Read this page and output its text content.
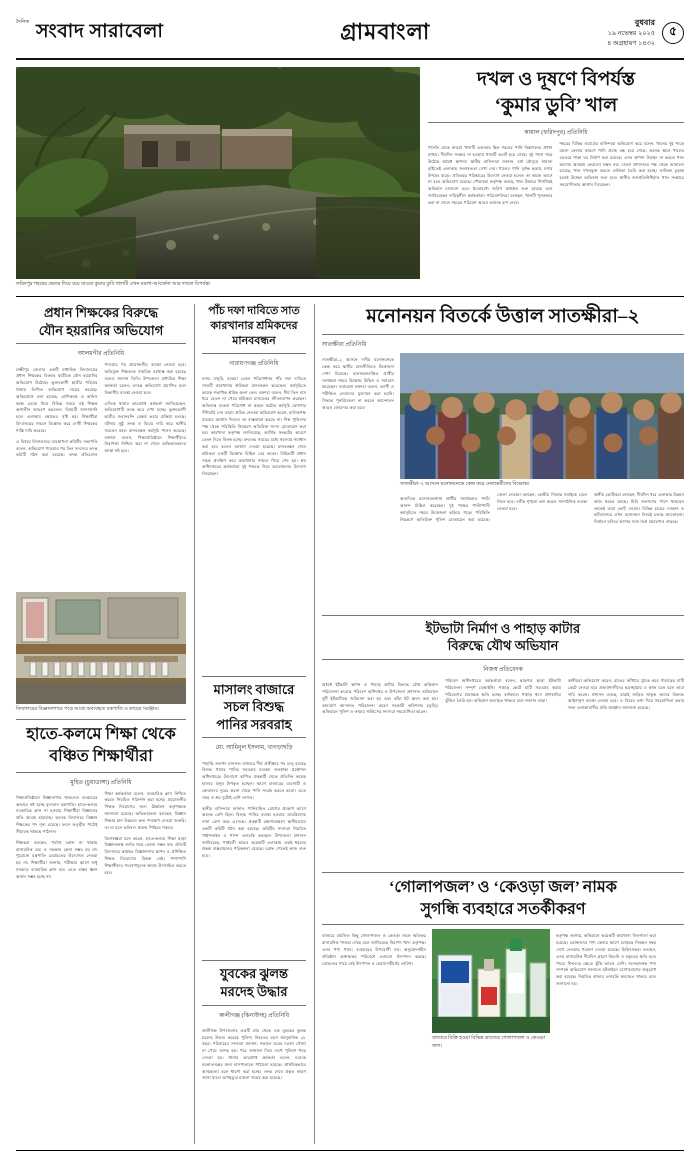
দৈনিক সংবাদ সারাবেলা	গ্রামবাংলা	বুধবার
১৯ নভেম্বর ২০২৫
৪ অগ্রহায়ণ ১৪৩২
৫
ফরিদপুর শহরের ভেতর দিয়ে বয়ে যাওয়া কুমার ডুবি খালটি এখন ময়লা-আবর্জনা আর দখলে বিপর্যস্ত।
দখল ও দূষণে বিপর্যস্ত
‘কুমার ডুবি’ খাল
কামাল (ফরিদপুর) প্রতিনিধি

খাসতি ঢেকে যাওয়া খালটি একসময় ছিল শহরের পানি নিষ্কাশনের প্রধান মাধ্যম। দীর্ঘদিন সংস্কার না হওয়ায় খালটি ভরাট হয়ে গেছে। দুই পাশে গড়ে উঠেছে অবৈধ স্থাপনা। স্থানীয় বাসিন্দারা জানান, বর্ষা মৌসুমে সামান্য বৃষ্টিতেই এলাকায় জলাবদ্ধতা দেখা দেয়। খালের পানি দুর্গন্ধ ছড়ায়, মশার উপদ্রব বাড়ে। প্রতিবছর পরিষ্কারের উদ্যোগ নেওয়া হলেও তা কাজে আসে না বলে অভিযোগ রয়েছে। পৌরসভা কর্তৃপক্ষ বলছে, খাল উদ্ধারে শিগগিরই অভিযান চালানো হবে। ইতোমধ্যে জরিপ কার্যক্রম শুরু হয়েছে বলে জানিয়েছেন দায়িত্বশীল কর্মকর্তারা। পরিবেশবিদরা বলছেন, খালটি পুনরুদ্ধার করা না গেলে শহরের পরিবেশ আরও ভয়াবহ রূপ নেবে।

শহরের বিভিন্ন ওয়ার্ডের বাসিন্দারা অভিযোগ করে বলেন, খালের দুই পাড়ে ময়লা ফেলার কারণে পানি প্রবাহ বন্ধ হয়ে গেছে। অনেক স্থানে খালের ভেতরে পাকা ঘর নির্মাণ করা হয়েছে। এসব স্থাপনা উচ্ছেদ না করলে খাল আগের অবস্থায় ফেরানো সম্ভব নয়। জেলা প্রশাসনের পক্ষ থেকে জানানো হয়েছে, খাল দখলমুক্ত করতে তালিকা তৈরি করা হচ্ছে। তালিকা চূড়ান্ত হলেই উচ্ছেদ অভিযান শুরু হবে। স্থানীয় জনপ্রতিনিধিরাও খাল সংস্কারে সহযোগিতার আশ্বাস দিয়েছেন।

প্রধান শিক্ষকের বিরুদ্ধে
যৌন হয়রানির অভিযোগ
আলমগীর প্রতিনিধি

লক্ষ্মীপুর জেলার একটি মাধ্যমিক বিদ্যালয়ের প্রধান শিক্ষকের বিরুদ্ধে ছাত্রীকে যৌন হয়রানির অভিযোগ উঠেছে। ভুক্তভোগী ছাত্রীর পরিবার থানায় লিখিত অভিযোগ দায়ের করেছে। অভিযোগে বলা হয়েছে, শ্রেণিকক্ষে ও অফিস কক্ষে ডেকে নিয়ে বিভিন্ন সময়ে ওই শিক্ষক অশালীন আচরণ করতেন। বিষয়টি জানাজানি হলে এলাকায় ক্ষোভের সৃষ্টি হয়। শিক্ষার্থীরা বিদ্যালয়ের সামনে বিক্ষোভ করে দোষী শিক্ষকের শাস্তি দাবি করেছে।

এ বিষয়ে বিদ্যালয়ের ব্যবস্থাপনা কমিটির সভাপতি বলেন, অভিযোগ পাওয়ার পর তিন সদস্যের তদন্ত কমিটি গঠন করা হয়েছে। তদন্ত প্রতিবেদন পাওয়ার পর প্রয়োজনীয় ব্যবস্থা নেওয়া হবে। অভিযুক্ত শিক্ষককে সাময়িক বরখাস্ত করা হয়েছে বলেও জানান তিনি। উপজেলা মাধ্যমিক শিক্ষা কর্মকর্তা বলেন, তদন্তে অভিযোগ প্রমাণিত হলে বিভাগীয় ব্যবস্থা নেওয়া হবে।

এদিকে থানার ভারপ্রাপ্ত কর্মকর্তা জানিয়েছেন, অভিযোগটি তদন্ত করে দেখা হচ্ছে। ভুক্তভোগী ছাত্রীর জবানবন্দি রেকর্ড করার প্রক্রিয়া চলছে। ঘটনার সুষ্ঠু তদন্ত ও বিচার দাবি করে স্থানীয় সচেতন মহল মানববন্ধন কর্মসূচি পালন করেছে। বক্তারা বলেন, শিক্ষাপ্রতিষ্ঠানে শিক্ষার্থীদের নিরাপত্তা নিশ্চিত করা না গেলে অভিভাবকদের আস্থা নষ্ট হবে।

বিদ্যালয়ের বিজ্ঞানাগারে পড়ে আছে অব্যবহৃত যন্ত্রপাতি ও কাচের সরঞ্জাম।
হাতে-কলমে শিক্ষা থেকে
বঞ্চিত শিক্ষার্থীরা
মুহিত (চুয়াডাঙ্গা) প্রতিনিধি

শিক্ষাপ্রতিষ্ঠানে বিজ্ঞানাগার থাকলেও ব্যবহারের অভাবে নষ্ট হচ্ছে মূল্যবান যন্ত্রপাতি। হাতে-কলমে ব্যবহারিক ক্লাস না হওয়ায় শিক্ষার্থীরা বিজ্ঞানের প্রতি আগ্রহ হারাচ্ছে। অনেক বিদ্যালয়ে বিজ্ঞান শিক্ষকের পদ শূন্য রয়েছে। ফলে তত্ত্বীয় পাঠেই সীমাবদ্ধ থাকছে পাঠদান।

শিক্ষকরা বলছেন, পর্যাপ্ত বরাদ্দ না থাকায় রাসায়নিক দ্রব্য ও সরঞ্জাম কেনা সম্ভব হয় না। পুরোনো যন্ত্রপাতি মেরামতের উদ্যোগও নেওয়া হয় না। শিক্ষার্থীরা জানায়, পরীক্ষার আগে শুধু নামমাত্র ব্যবহারিক ক্লাস হয়। এতে বাস্তব জ্ঞান অর্জন সম্ভব হচ্ছে না।

শিক্ষা কর্মকর্তারা বলেন, ব্যবহারিক ক্লাস নিশ্চিত করতে নিয়মিত পরিদর্শন করা হচ্ছে। প্রয়োজনীয় শিক্ষক নিয়োগের জন্য ঊর্ধ্বতন কর্তৃপক্ষকে জানানো হয়েছে। অভিভাবকরা বলছেন, বিজ্ঞান শিক্ষার মান উন্নয়নে দ্রুত পদক্ষেপ নেওয়া জরুরি। তা না হলে ভবিষ্যৎ প্রজন্ম পিছিয়ে পড়বে।

বিশেষজ্ঞরা মনে করেন, হাতে-কলমে শিক্ষা ছাড়া বিজ্ঞানমনস্ক জাতি গড়ে তোলা সম্ভব নয়। প্রতিটি বিদ্যালয়ে কার্যকর বিজ্ঞানাগার স্থাপন ও প্রশিক্ষিত শিক্ষক নিয়োগের বিকল্প নেই। পাশাপাশি শিক্ষার্থীদের গবেষণামূলক কাজে উৎসাহিত করতে হবে।

পাঁচ দফা দাবিতে সাত
কারখানার শ্রমিকদের
মানববন্ধন
নারায়ণগঞ্জ প্রতিনিধি

ন্যায্য মজুরি, বকেয়া বেতন পরিশোধসহ পাঁচ দফা দাবিতে সাতটি কারখানার শ্রমিকরা মানববন্ধন করেছেন। কর্মসূচিতে কয়েক শতাধিক শ্রমিক অংশ নেন। বক্তারা বলেন, দীর্ঘ তিন মাস ধরে বেতন না পেয়ে শ্রমিকরা মানবেতর জীবনযাপন করছেন। অবিলম্বে বকেয়া পরিশোধ না করলে কঠোর কর্মসূচি ঘোষণার হুঁশিয়ারি দেন তারা। শ্রমিক নেতারা অভিযোগ করেন, মালিকপক্ষ বারবার আশ্বাস দিলেও তা বাস্তবায়ন করছে না। শিল্প পুলিশের পক্ষ থেকে পরিস্থিতি নিয়ন্ত্রণে অতিরিক্ত সদস্য মোতায়েন করা হয়। কারখানা কর্তৃপক্ষ জানিয়েছে, আর্থিক সংকটের কারণে বেতন দিতে বিলম্ব হচ্ছে। দ্রুততম সময়ের মধ্যে সমস্যার সমাধান করা হবে বলেও আশ্বাস দেওয়া হয়েছে। মানববন্ধন শেষে শ্রমিকরা একটি বিক্ষোভ মিছিল বের করেন। মিছিলটি প্রধান সড়ক প্রদক্ষিণ করে কারখানার সামনে গিয়ে শেষ হয়। শ্রম অধিদপ্তরের কর্মকর্তারা দুই পক্ষকে নিয়ে আলোচনার উদ্যোগ নিয়েছেন।

মাসালং বাজারে সচল বিশুদ্ধ
পানির সরবরাহ
মো. আমিনুল ইসলাম, খাগড়াছড়ি

পাহাড়ি জনপদ মাসালং বাজারে দীর্ঘ প্রতীক্ষার পর চালু হয়েছে বিশুদ্ধ খাবার পানির সরবরাহ ব্যবস্থা। জনস্বাস্থ্য প্রকৌশল অধিদপ্তরের উদ্যোগে স্থাপিত প্রকল্পটি থেকে প্রতিদিন কয়েক হাজার মানুষ উপকৃত হচ্ছেন। আগে বাজারের ব্যবসায়ী ও ক্রেতাদের দূরের ঝরনা থেকে পানি সংগ্রহ করতে হতো। এতে সময় ও শ্রম দুটোই বেশি লাগত।

স্থানীয় বাসিন্দারা জানান, পানিবাহিত রোগের প্রকোপ আগে অনেক বেশি ছিল। বিশুদ্ধ পানির ব্যবস্থা হওয়ায় ডায়রিয়াসহ নানা রোগ কমে এসেছে। প্রকল্পটি রক্ষণাবেক্ষণে স্থানীয়ভাবে একটি কমিটি গঠন করা হয়েছে। কমিটির সদস্যরা নিয়মিত পাইপলাইন ও পাম্প তদারকি করছেন। উপজেলা প্রশাসন জানিয়েছে, পার্শ্ববর্তী আরও কয়েকটি এলাকায় একই ধরনের প্রকল্প বাস্তবায়নের পরিকল্পনা রয়েছে। বরাদ্দ পেলেই কাজ শুরু হবে।

যুবকের ঝুলন্ত
মরদেহ উদ্ধার
কালীগঞ্জ (ঝিনাইদহ) প্রতিনিধি

কালীগঞ্জ উপজেলার একটি গ্রাম থেকে এক যুবকের ঝুলন্ত মরদেহ উদ্ধার করেছে পুলিশ। নিহতের বয়স আনুমানিক ২৮ বছর। পরিবারের সদস্যরা জানান, সকালে ঘরের দরজা খোলা না পেয়ে সন্দেহ হয়। পরে জানালা দিয়ে দেখে পুলিশে খবর দেওয়া হয়। থানার ভারপ্রাপ্ত কর্মকর্তা বলেন, মরদেহ ময়নাতদন্তের জন্য হাসপাতালে পাঠানো হয়েছে। প্রাথমিকভাবে আত্মহত্যা বলে ধারণা করা হচ্ছে। তদন্ত শেষে প্রকৃত কারণ জানা যাবে। অপমৃত্যুর মামলা দায়ের করা হয়েছে।

মনোনয়ন বিতর্কে উত্তাল সাতক্ষীরা–২
সাতক্ষীরা প্রতিনিধি

সাতক্ষীরা–২ আসনে দলীয় মনোনয়নকে কেন্দ্র করে স্থানীয় রাজনীতিতে উত্তেজনা দেখা দিয়েছে। মনোনয়নবঞ্চিত প্রার্থীর সমর্থকরা শহরে বিক্ষোভ মিছিল ও সমাবেশ করেছেন। সমাবেশে বক্তারা বলেন, ত্যাগী ও পরীক্ষিত নেতাদের মূল্যায়ন করা হয়নি। সিদ্ধান্ত পুনর্বিবেচনা না করলে আন্দোলন আরও জোরদার করা হবে।

সাতক্ষীরা–২ আসনে মনোনয়নকে কেন্দ্র করে নেতাকর্মীদের বিক্ষোভ।

অন্যদিকে মনোনয়নপ্রাপ্ত প্রার্থীর সমর্থকরাও পাল্টা আনন্দ মিছিল করেছেন। দুই পক্ষের পাল্টাপাল্টি কর্মসূচিতে শহরে উত্তেজনা ছড়িয়ে পড়ে। পরিস্থিতি নিয়ন্ত্রণে অতিরিক্ত পুলিশ মোতায়েন করা হয়েছে। জেলা নেতারা বলছেন, কেন্দ্রীয় সিদ্ধান্ত সবাইকে মেনে নিতে হবে। দলীয় শৃঙ্খলা ভঙ্গ করলে সাংগঠনিক ব্যবস্থা নেওয়া হবে।

স্থানীয় ভোটাররা বলছেন, দীর্ঘদিন ধরে এলাকার উন্নয়ন কাজ থমকে আছে। যিনি জনগণের পাশে থাকবেন তাকেই তারা ভোট দেবেন। বিভিন্ন চায়ের দোকান ও হাটবাজারে এখন মনোনয়ন নিয়েই চলছে আলোচনা। নির্বাচন ঘনিয়ে আসার সঙ্গে সঙ্গে প্রচারণাও বাড়ছে।

ইটভাটা নির্মাণ ও পাহাড় কাটার
বিরুদ্ধে যৌথ অভিযান
নিজস্ব প্রতিবেদক

অবৈধ ইটভাটা স্থাপন ও পাহাড় কাটার বিরুদ্ধে যৌথ অভিযান পরিচালনা করেছে পরিবেশ অধিদপ্তর ও উপজেলা প্রশাসন। অভিযানে দুটি ইটভাটাকে জরিমানা করা হয় এবং কাঁচা ইট ধ্বংস করা হয়। ভ্রাম্যমাণ আদালত পরিচালনা করেন সহকারী কমিশনার (ভূমি)। অভিযানে পুলিশ ও ফায়ার সার্ভিসের সদস্যরা সহযোগিতা করেন।

পরিবেশ অধিদপ্তরের কর্মকর্তারা বলেন, ছাড়পত্র ছাড়া ইটভাটা পরিচালনা সম্পূর্ণ বেআইনি। পাহাড় কেটে মাটি সরবরাহ করায় পরিবেশের মারাত্মক ক্ষতি হচ্ছে। বর্ষাকালে পাহাড় ধসে প্রাণহানির ঝুঁকিও তৈরি হয়। অভিযান অব্যাহত থাকবে বলে জানান তারা।

স্থানীয়রা অভিযোগ করেন, রাতের আঁধারে ট্রাকে করে পাহাড়ের মাটি কেটে নেওয়া হয়। প্রভাবশালীদের ছত্রচ্ছায়ায় এ কাজ চলে বলে তারা দাবি করেন। প্রশাসন বলছে, যারাই জড়িত থাকুক তাদের বিরুদ্ধে আইনানুগ ব্যবস্থা নেওয়া হবে। এ বিষয়ে তথ্য দিয়ে সহযোগিতা করার জন্য এলাকাবাসীর প্রতি আহ্বান জানানো হয়েছে।

‘গোলাপজল’ ও ‘কেওড়া জল’ নামক
সুগন্ধি ব্যবহারে সতর্কীকরণ

বাজারে প্রচলিত কিছু গোলাপজল ও কেওড়া জলে ক্ষতিকর রাসায়নিক পাওয়া গেছে বলে জানিয়েছে নিরাপদ খাদ্য কর্তৃপক্ষ। এসব পণ্য খাদ্যে ব্যবহারের উপযোগী নয়। অনুমোদনহীন প্রতিষ্ঠান অস্বাস্থ্যকর পরিবেশে এগুলো উৎপাদন করছে। বোতলের গায়ে নেই উৎপাদন ও মেয়াদোত্তীর্ণের তারিখ।

বাজারে বিক্রি হওয়া বিভিন্ন ব্র্যান্ডের গোলাপজল ও কেওড়া জল।

কর্তৃপক্ষ জানায়, অভিযানে কয়েকটি কারখানা সিলগালা করা হয়েছে। ভোক্তাদের পণ্য কেনার আগে মোড়কে নিবন্ধন নম্বর দেখে নেওয়ার পরামর্শ দেওয়া হয়েছে। চিকিৎসকরা বলছেন, এসব রাসায়নিক দীর্ঘদিন গ্রহণে কিডনি ও যকৃতের ক্ষতি হতে পারে। শিশুদের ক্ষেত্রে ঝুঁকি আরও বেশি। সন্দেহজনক পণ্য সম্পর্কে অভিযোগ জানাতে হটলাইনে যোগাযোগের অনুরোধ করা হয়েছে। নিয়মিত বাজার তদারকি অব্যাহত থাকবে বলে জানানো হয়।
